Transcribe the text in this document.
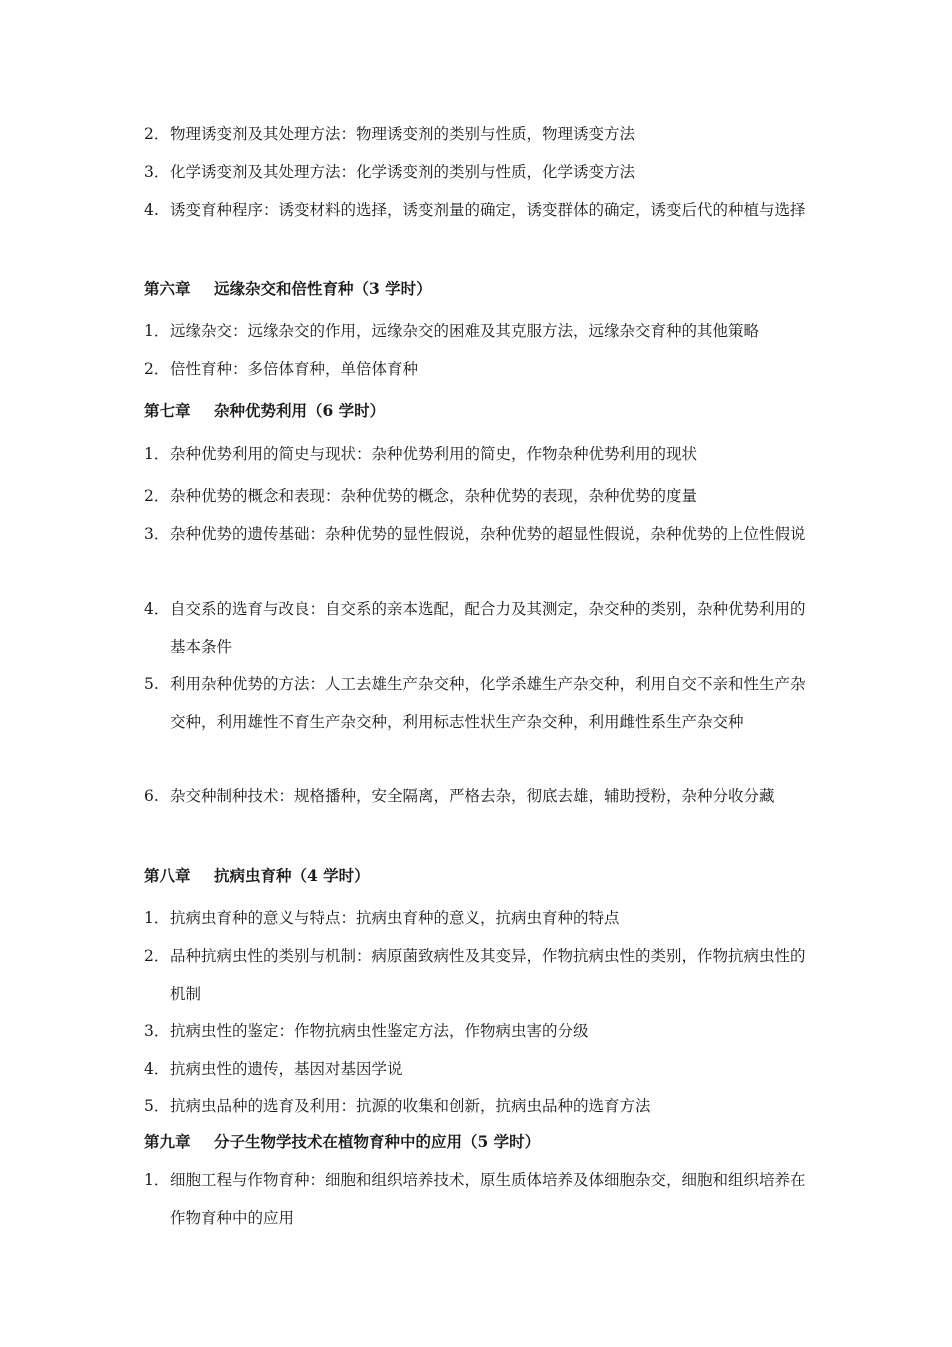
2． 物理诱变剂及其处理方法：物理诱变剂的类别与性质，物理诱变方法
3． 化学诱变剂及其处理方法：化学诱变剂的类别与性质，化学诱变方法
4. 诱变育种程序：诱变材料的选择，诱变剂量的确定，诱变群体的确定，诱变后代的种植与选择
第六章 远缘杂交和倍性育种（3 学时）
1． 远缘杂交：远缘杂交的作用，远缘杂交的困难及其克服方法，远缘杂交育种的其他策略
2． 倍性育种：多倍体育种，单倍体育种
第七章 杂种优势利用（6 学时）
1． 杂种优势利用的简史与现状：杂种优势利用的简史，作物杂种优势利用的现状
2． 杂种优势的概念和表现：杂种优势的概念，杂种优势的表现，杂种优势的度量
3． 杂种优势的遗传基础：杂种优势的显性假说，杂种优势的超显性假说，杂种优势的上位性假说
4． 自交系的选育与改良：自交系的亲本选配，配合力及其测定，杂交种的类别，杂种优势利用的基本条件
5. 利用杂种优势的方法：人工去雄生产杂交种，化学杀雄生产杂交种，利用自交不亲和性生产杂交种，利用雄性不育生产杂交种，利用标志性状生产杂交种，利用雌性系生产杂交种
6. 杂交种制种技术：规格播种，安全隔离，严格去杂，彻底去雄，辅助授粉，杂种分收分藏
第八章 抗病虫育种（4 学时）
1． 抗病虫育种的意义与特点：抗病虫育种的意义，抗病虫育种的特点
2． 品种抗病虫性的类别与机制：病原菌致病性及其变异，作物抗病虫性的类别，作物抗病虫性的机制
3． 抗病虫性的鉴定：作物抗病虫性鉴定方法，作物病虫害的分级
4． 抗病虫性的遗传，基因对基因学说
5． 抗病虫品种的选育及利用：抗源的收集和创新，抗病虫品种的选育方法
第九章 分子生物学技术在植物育种中的应用（5 学时）
1． 细胞工程与作物育种：细胞和组织培养技术，原生质体培养及体细胞杂交，细胞和组织培养在作物育种中的应用
